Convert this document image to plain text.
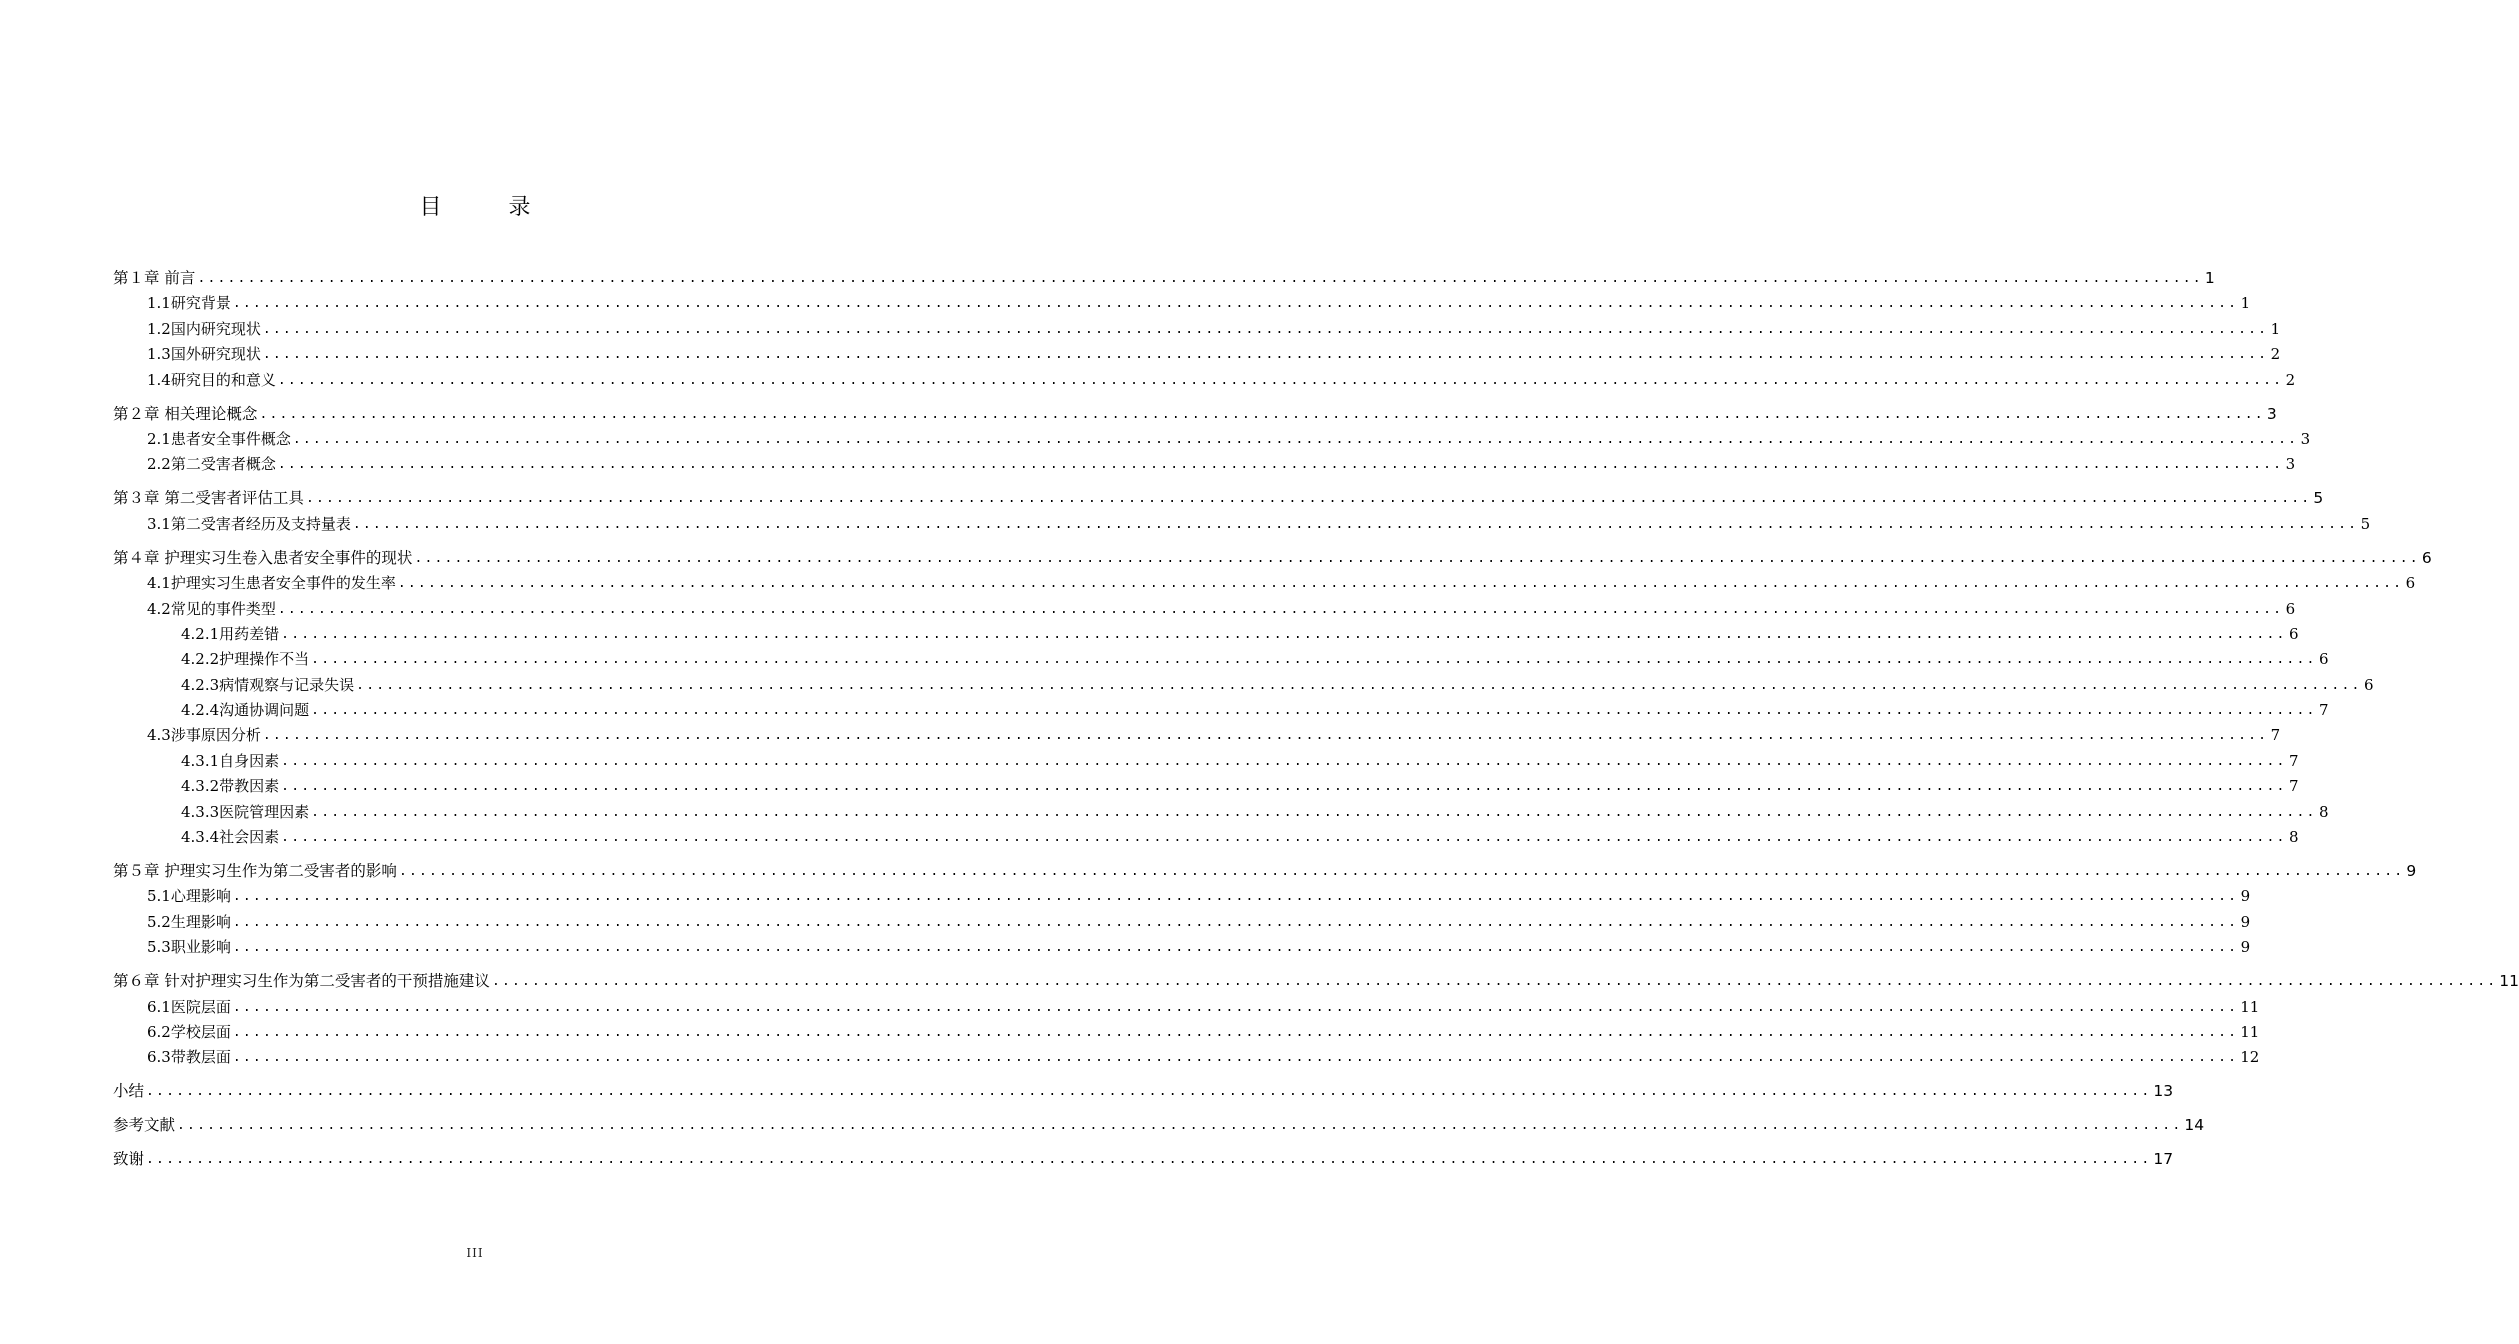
目 录
第１章 前言 ........................................................................................................................................................................................................ 1
1.1研究背景 ........................................................................................................................................................................................................ 1
1.2国内研究现状 ........................................................................................................................................................................................................ 1
1.3国外研究现状 ........................................................................................................................................................................................................ 2
1.4研究目的和意义 ........................................................................................................................................................................................................ 2
第２章 相关理论概念 ........................................................................................................................................................................................................ 3
2.1患者安全事件概念 ........................................................................................................................................................................................................ 3
2.2第二受害者概念 ........................................................................................................................................................................................................ 3
第３章 第二受害者评估工具 ........................................................................................................................................................................................................ 5
3.1第二受害者经历及支持量表 ........................................................................................................................................................................................................ 5
第４章 护理实习生卷入患者安全事件的现状 ........................................................................................................................................................................................................ 6
4.1护理实习生患者安全事件的发生率 ........................................................................................................................................................................................................ 6
4.2常见的事件类型 ........................................................................................................................................................................................................ 6
4.2.1用药差错 ........................................................................................................................................................................................................ 6
4.2.2护理操作不当 ........................................................................................................................................................................................................ 6
4.2.3病情观察与记录失误 ........................................................................................................................................................................................................ 6
4.2.4沟通协调问题 ........................................................................................................................................................................................................ 7
4.3涉事原因分析 ........................................................................................................................................................................................................ 7
4.3.1自身因素 ........................................................................................................................................................................................................ 7
4.3.2带教因素 ........................................................................................................................................................................................................ 7
4.3.3医院管理因素 ........................................................................................................................................................................................................ 8
4.3.4社会因素 ........................................................................................................................................................................................................ 8
第５章 护理实习生作为第二受害者的影响 ........................................................................................................................................................................................................ 9
5.1心理影响 ........................................................................................................................................................................................................ 9
5.2生理影响 ........................................................................................................................................................................................................ 9
5.3职业影响 ........................................................................................................................................................................................................ 9
第６章 针对护理实习生作为第二受害者的干预措施建议 ........................................................................................................................................................................................................ 11
6.1医院层面 ........................................................................................................................................................................................................ 11
6.2学校层面 ........................................................................................................................................................................................................ 11
6.3带教层面 ........................................................................................................................................................................................................ 12
小结 ........................................................................................................................................................................................................ 13
参考文献 ........................................................................................................................................................................................................ 14
致谢 ........................................................................................................................................................................................................ 17
III
